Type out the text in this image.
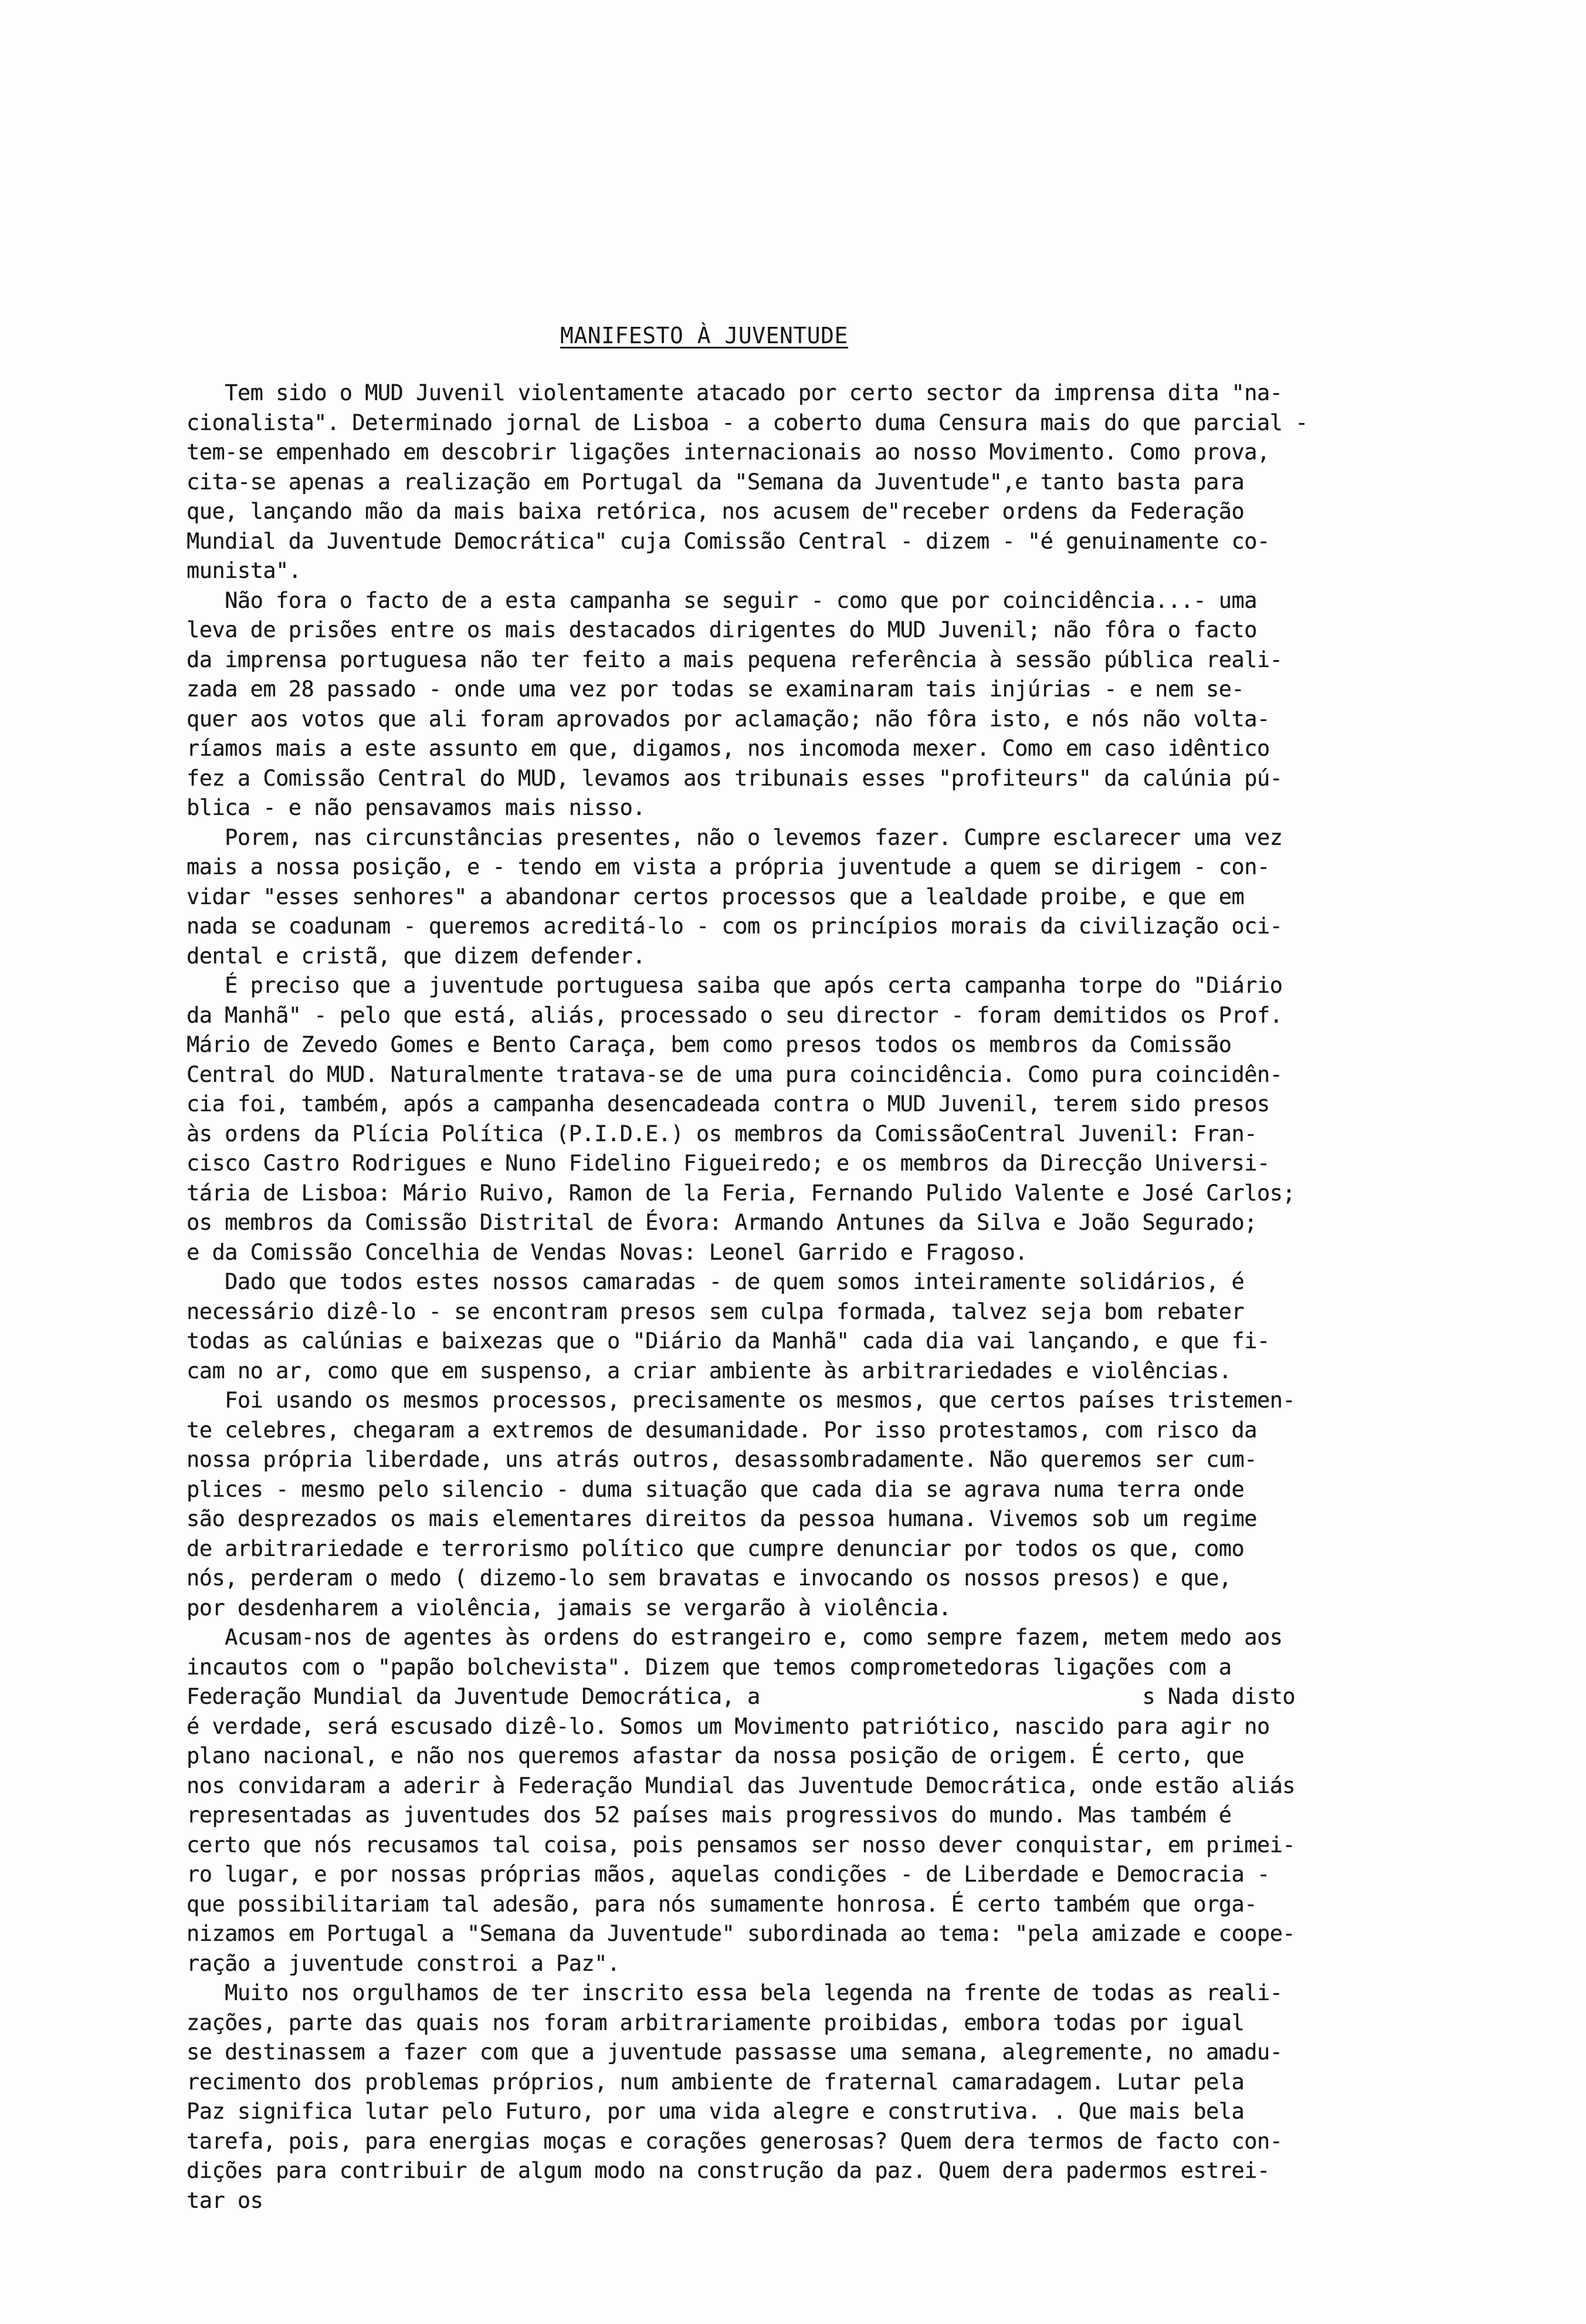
MANIFESTO À JUVENTUDE
Tem sido o MUD Juvenil violentamente atacado por certo sector da imprensa dita "na-
cionalista". Determinado jornal de Lisboa - a coberto duma Censura mais do que parcial -
tem-se empenhado em descobrir ligações internacionais ao nosso Movimento. Como prova,
cita-se apenas a realização em Portugal da "Semana da Juventude",e tanto basta para
que, lançando mão da mais baixa retórica, nos acusem de"receber ordens da Federação
Mundial da Juventude Democrática" cuja Comissão Central - dizem - "é genuinamente co-
munista".
Não fora o facto de a esta campanha se seguir - como que por coincidência...- uma
leva de prisões entre os mais destacados dirigentes do MUD Juvenil; não fôra o facto
da imprensa portuguesa não ter feito a mais pequena referência à sessão pública reali-
zada em 28 passado - onde uma vez por todas se examinaram tais injúrias - e nem se-
quer aos votos que ali foram aprovados por aclamação; não fôra isto, e nós não volta-
ríamos mais a este assunto em que, digamos, nos incomoda mexer. Como em caso idêntico
fez a Comissão Central do MUD, levamos aos tribunais esses "profiteurs" da calúnia pú-
blica - e não pensavamos mais nisso.
Porem, nas circunstâncias presentes, não o levemos fazer. Cumpre esclarecer uma vez
mais a nossa posição, e - tendo em vista a própria juventude a quem se dirigem - con-
vidar "esses senhores" a abandonar certos processos que a lealdade proibe, e que em
nada se coadunam - queremos acreditá-lo - com os princípios morais da civilização oci-
dental e cristã, que dizem defender.
É preciso que a juventude portuguesa saiba que após certa campanha torpe do "Diário
da Manhã" - pelo que está, aliás, processado o seu director - foram demitidos os Prof.
Mário de Zevedo Gomes e Bento Caraça, bem como presos todos os membros da Comissão
Central do MUD. Naturalmente tratava-se de uma pura coincidência. Como pura coincidên-
cia foi, também, após a campanha desencadeada contra o MUD Juvenil, terem sido presos
às ordens da Plícia Política (P.I.D.E.) os membros da ComissãoCentral Juvenil: Fran-
cisco Castro Rodrigues e Nuno Fidelino Figueiredo; e os membros da Direcção Universi-
tária de Lisboa: Mário Ruivo, Ramon de la Feria, Fernando Pulido Valente e José Carlos;
os membros da Comissão Distrital de Évora: Armando Antunes da Silva e João Segurado;
e da Comissão Concelhia de Vendas Novas: Leonel Garrido e Fragoso.
Dado que todos estes nossos camaradas - de quem somos inteiramente solidários, é
necessário dizê-lo - se encontram presos sem culpa formada, talvez seja bom rebater
todas as calúnias e baixezas que o "Diário da Manhã" cada dia vai lançando, e que fi-
cam no ar, como que em suspenso, a criar ambiente às arbitrariedades e violências.
Foi usando os mesmos processos, precisamente os mesmos, que certos países tristemen-
te celebres, chegaram a extremos de desumanidade. Por isso protestamos, com risco da
nossa própria liberdade, uns atrás outros, desassombradamente. Não queremos ser cum-
plices - mesmo pelo silencio - duma situação que cada dia se agrava numa terra onde
são desprezados os mais elementares direitos da pessoa humana. Vivemos sob um regime
de arbitrariedade e terrorismo político que cumpre denunciar por todos os que, como
nós, perderam o medo ( dizemo-lo sem bravatas e invocando os nossos presos) e que,
por desdenharem a violência, jamais se vergarão à violência.
Acusam-nos de agentes às ordens do estrangeiro e, como sempre fazem, metem medo aos
incautos com o "papão bolchevista". Dizem que temos comprometedoras ligações com a
Federação Mundial da Juventude Democrática, a                              s Nada disto
é verdade, será escusado dizê-lo. Somos um Movimento patriótico, nascido para agir no
plano nacional, e não nos queremos afastar da nossa posição de origem. É certo, que
nos convidaram a aderir à Federação Mundial das Juventude Democrática, onde estão aliás
representadas as juventudes dos 52 países mais progressivos do mundo. Mas também é
certo que nós recusamos tal coisa, pois pensamos ser nosso dever conquistar, em primei-
ro lugar, e por nossas próprias mãos, aquelas condições - de Liberdade e Democracia -
que possibilitariam tal adesão, para nós sumamente honrosa. É certo também que orga-
nizamos em Portugal a "Semana da Juventude" subordinada ao tema: "pela amizade e coope-
ração a juventude constroi a Paz".
Muito nos orgulhamos de ter inscrito essa bela legenda na frente de todas as reali-
zações, parte das quais nos foram arbitrariamente proibidas, embora todas por igual
se destinassem a fazer com que a juventude passasse uma semana, alegremente, no amadu-
recimento dos problemas próprios, num ambiente de fraternal camaradagem. Lutar pela
Paz significa lutar pelo Futuro, por uma vida alegre e construtiva. . Que mais bela
tarefa, pois, para energias moças e corações generosas? Quem dera termos de facto con-
dições para contribuir de algum modo na construção da paz. Quem dera padermos estrei-
tar os
